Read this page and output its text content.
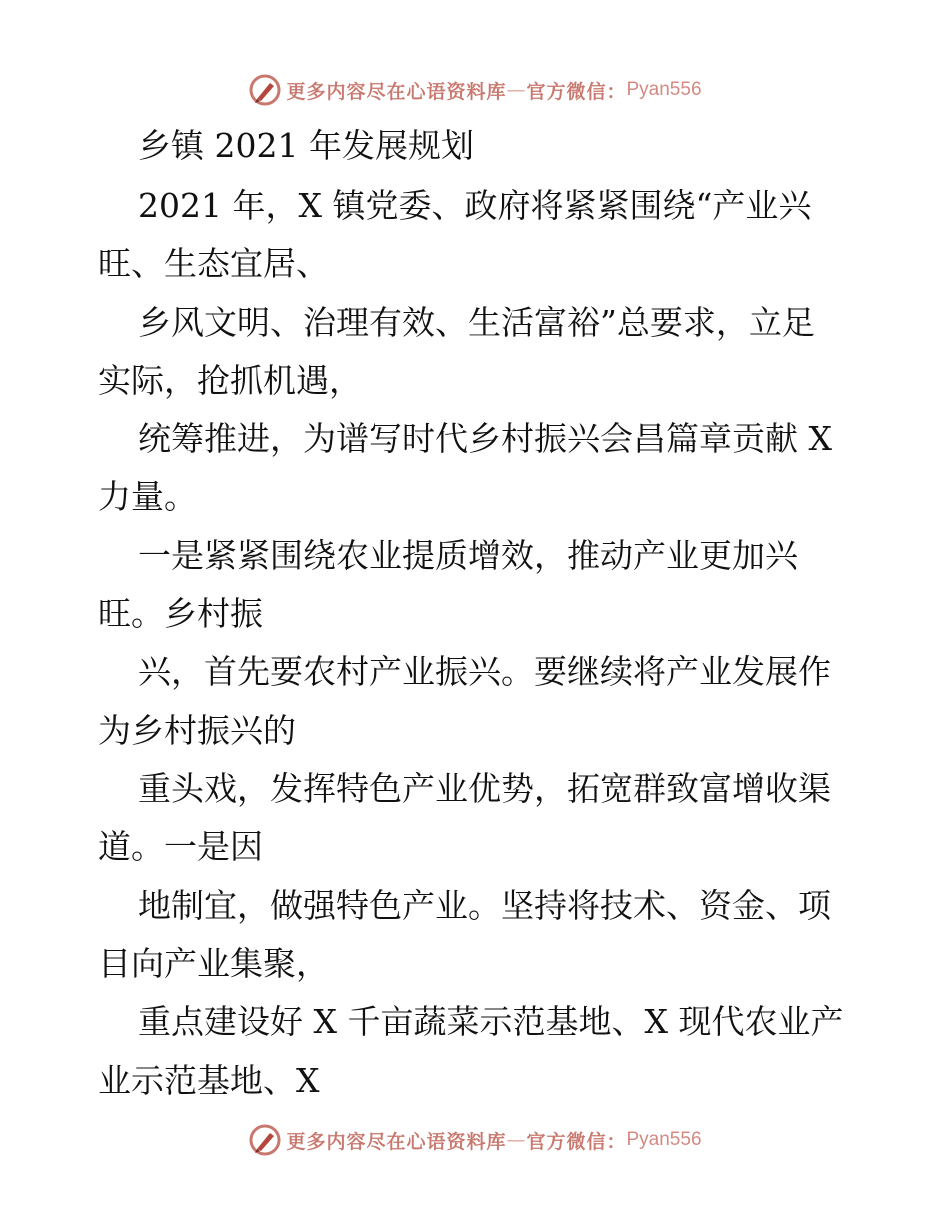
更多内容尽在心语资料库 — 官方微信： Pyan556
乡镇 2021 年发展规划
2021 年，X 镇党委、政府将紧紧围绕“产业兴
旺、生态宜居、
乡风文明、治理有效、生活富裕”总要求，立足
实际，抢抓机遇，
统筹推进，为谱写时代乡村振兴会昌篇章贡献 X
力量。
一是紧紧围绕农业提质增效，推动产业更加兴
旺。乡村振
兴，首先要农村产业振兴。要继续将产业发展作
为乡村振兴的
重头戏，发挥特色产业优势，拓宽群致富增收渠
道。一是因
地制宜，做强特色产业。坚持将技术、资金、项
目向产业集聚，
重点建设好 X 千亩蔬菜示范基地、X 现代农业产
业示范基地、X
更多内容尽在心语资料库 — 官方微信： Pyan556
